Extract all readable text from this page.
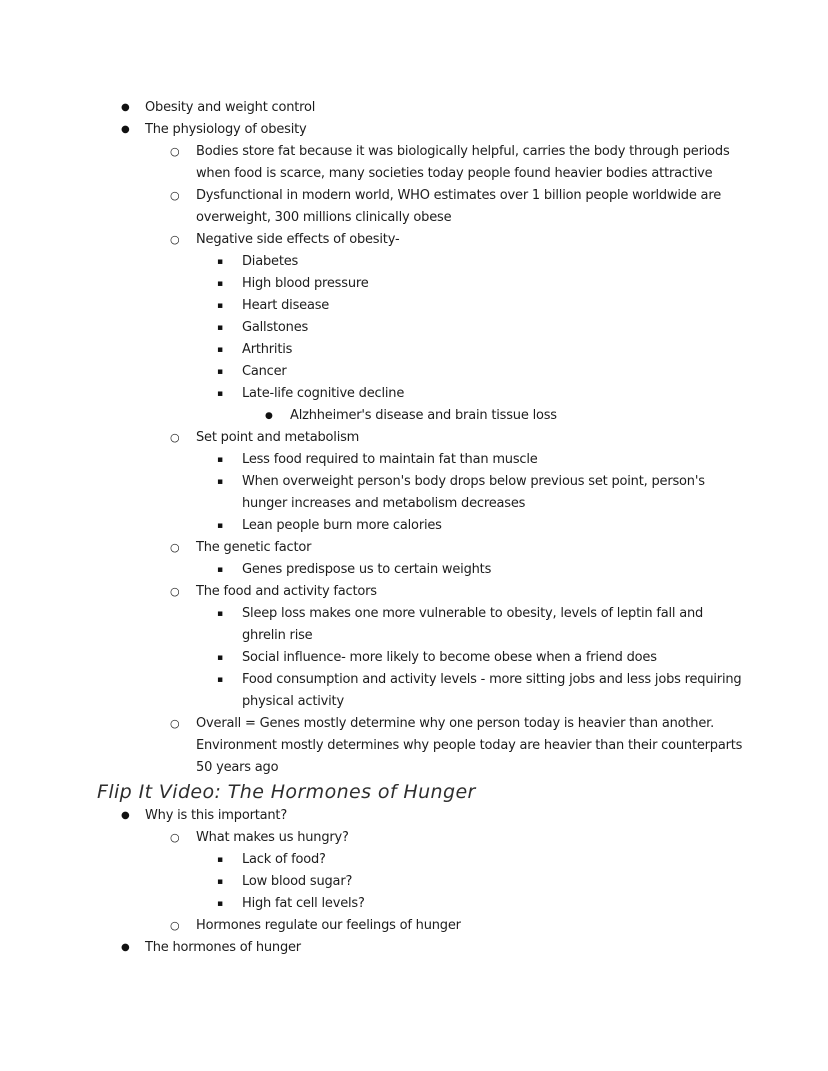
●	Obesity and weight control
●	The physiology of obesity
○	Bodies store fat because it was biologically helpful, carries the body through periods when food is scarce, many societies today people found heavier bodies attractive
○	Dysfunctional in modern world, WHO estimates over 1 billion people worldwide are overweight, 300 millions clinically obese
○	Negative side effects of obesity-
▪	Diabetes
▪	High blood pressure
▪	Heart disease
▪	Gallstones
▪	Arthritis
▪	Cancer
▪	Late-life cognitive decline
●	Alzhheimer's disease and brain tissue loss
○	Set point and metabolism
▪	Less food required to maintain fat than muscle
▪	When overweight person's body drops below previous set point, person's hunger increases and metabolism decreases
▪	Lean people burn more calories
○	The genetic factor
▪	Genes predispose us to certain weights
○	The food and activity factors
▪	Sleep loss makes one more vulnerable to obesity, levels of leptin fall and ghrelin rise
▪	Social influence- more likely to become obese when a friend does
▪	Food consumption and activity levels - more sitting jobs and less jobs requiring physical activity
○	Overall = Genes mostly determine why one person today is heavier than another. Environment mostly determines why people today are heavier than their counterparts 50 years ago
Flip It Video: The Hormones of Hunger
●	Why is this important?
○	What makes us hungry?
▪	Lack of food?
▪	Low blood sugar?
▪	High fat cell levels?
○	Hormones regulate our feelings of hunger
●	The hormones of hunger
